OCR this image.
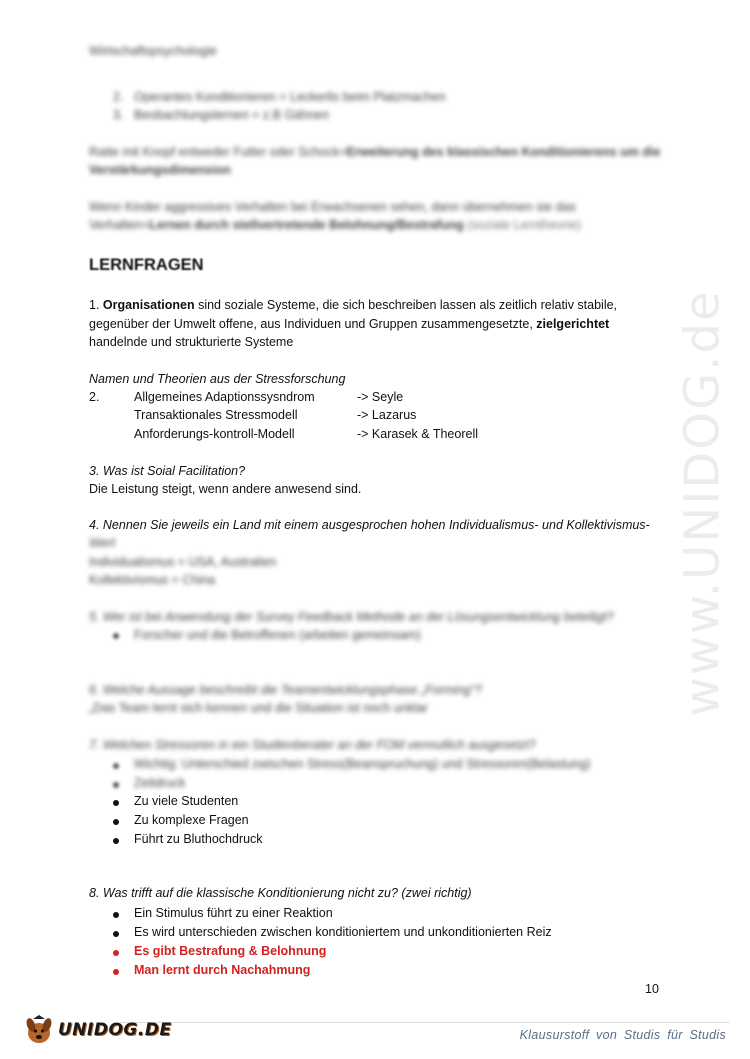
www.UNIDOG.de
Wirtschaftspsychologie
2. Operantes Konditionieren = Leckerlis beim Platzmachen
3. Beobachtungslernen = z.B Gähnen
Ratte mit Knopf entweder Futter oder Schock=Erweiterung des klassischen Konditionierens um die
Verstärkungsdimension
Wenn Kinder aggressives Verhalten bei Erwachsenen sehen, dann übernehmen sie das
Verhalten=Lernen durch stellvertretende Belohnung/Bestrafung (soziale Lerntheorie)
LERNFRAGEN
1. Organisationen sind soziale Systeme, die sich beschreiben lassen als zeitlich relativ stabile,
gegenüber der Umwelt offene, aus Individuen und Gruppen zusammengesetzte, zielgerichtet
handelnde und strukturierte Systeme
Namen und Theorien aus der Stressforschung
2.	Allgemeines Adaptionssysndrom	-> Seyle
Transaktionales Stressmodell	-> Lazarus
Anforderungs-kontroll-Modell	-> Karasek & Theorell
3. Was ist Soial Facilitation?
Die Leistung steigt, wenn andere anwesend sind.
4. Nennen Sie jeweils ein Land mit einem ausgesprochen hohen Individualismus- und Kollektivismus-
Wert
Individualismus = USA, Australien
Kollektivismus = China
5. Wer ist bei Anwendung der Survey Feedback Methode an der Lösungsentwicklung beteiligt?
Forscher und die Betroffenen (arbeiten gemeinsam)
6. Welche Aussage beschreibt die Teamentwicklungsphase „Forming“?
„Das Team lernt sich kennen und die Situation ist noch unklar
7. Welchen Stressoren in ein Studienberater an der FOM vermutlich ausgesetzt?
Wichtig: Unterschied zwischen Stress(Beanspruchung) und Stressoren(Belastung)
Zeitdruck
Zu viele Studenten
Zu komplexe Fragen
Führt zu Bluthochdruck
8. Was trifft auf die klassische Konditionierung nicht zu? (zwei richtig)
Ein Stimulus führt zu einer Reaktion
Es wird unterschieden zwischen konditioniertem und unkonditionierten Reiz
Es gibt Bestrafung & Belohnung
Man lernt durch Nachahmung
10
UNIDOG.DE	Klausurstoff von Studis für Studis
